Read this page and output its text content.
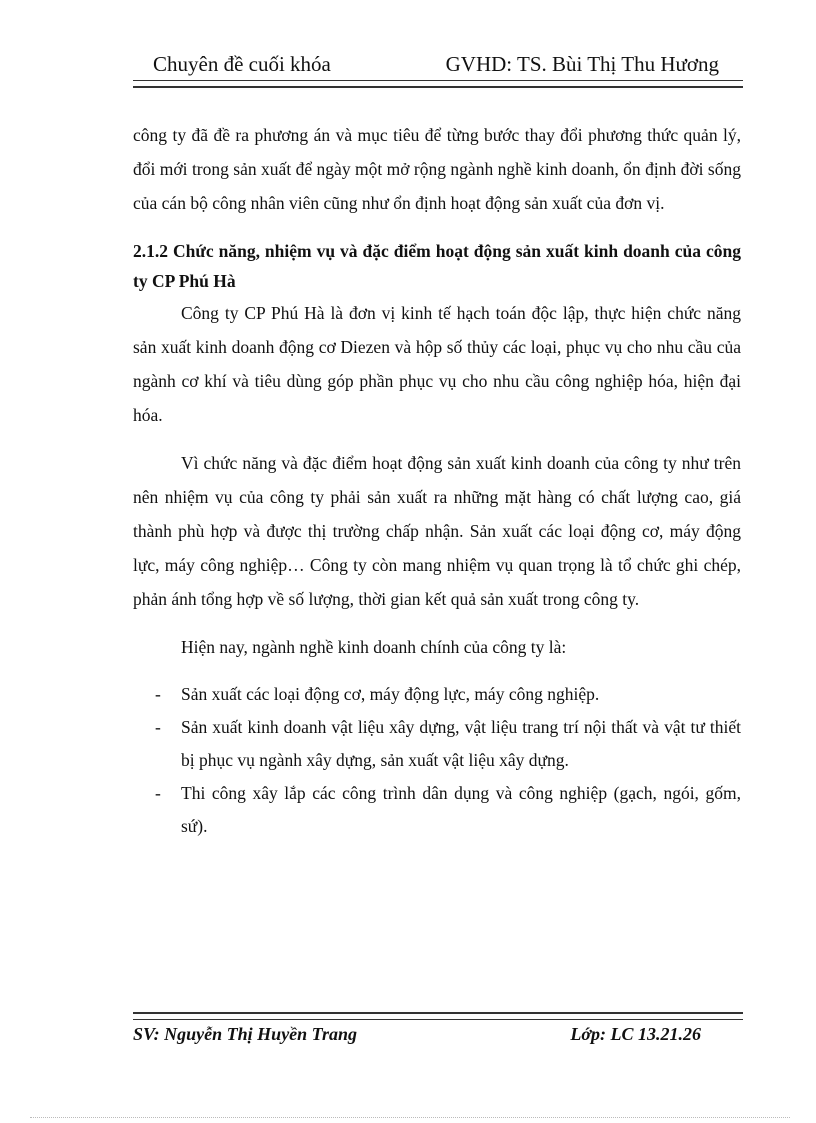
Chuyên đề cuối khóa	GVHD: TS. Bùi Thị Thu Hương

công ty đã đề ra phương án và mục tiêu để từng bước thay đổi phương thức quản lý, đổi mới trong sản xuất để ngày một mở rộng ngành nghề kinh doanh, ổn định đời sống của cán bộ công nhân viên cũng như ổn định hoạt động sản xuất của đơn vị.

2.1.2 Chức năng, nhiệm vụ và đặc điểm hoạt động sản xuất kinh doanh của công ty CP Phú Hà

Công ty CP Phú Hà là đơn vị kinh tế hạch toán độc lập, thực hiện chức năng sản xuất kinh doanh động cơ Diezen và hộp số thủy các loại, phục vụ cho nhu cầu của ngành cơ khí và tiêu dùng góp phần phục vụ cho nhu cầu công nghiệp hóa, hiện đại hóa.

Vì chức năng và đặc điểm hoạt động sản xuất kinh doanh của công ty như trên nên nhiệm vụ của công ty phải sản xuất ra những mặt hàng có chất lượng cao, giá thành phù hợp và được thị trường chấp nhận. Sản xuất các loại động cơ, máy động lực, máy công nghiệp… Công ty còn mang nhiệm vụ quan trọng là tổ chức ghi chép, phản ánh tổng hợp về số lượng, thời gian kết quả sản xuất trong công ty.

Hiện nay, ngành nghề kinh doanh chính của công ty là:

- Sản xuất các loại động cơ, máy động lực, máy công nghiệp.
- Sản xuất kinh doanh vật liệu xây dựng, vật liệu trang trí nội thất và vật tư thiết bị phục vụ ngành xây dựng, sản xuất vật liệu xây dựng.
- Thi công xây lắp các công trình dân dụng và công nghiệp (gạch, ngói, gốm, sứ).
SV: Nguyễn Thị Huyền Trang	Lớp: LC 13.21.26
